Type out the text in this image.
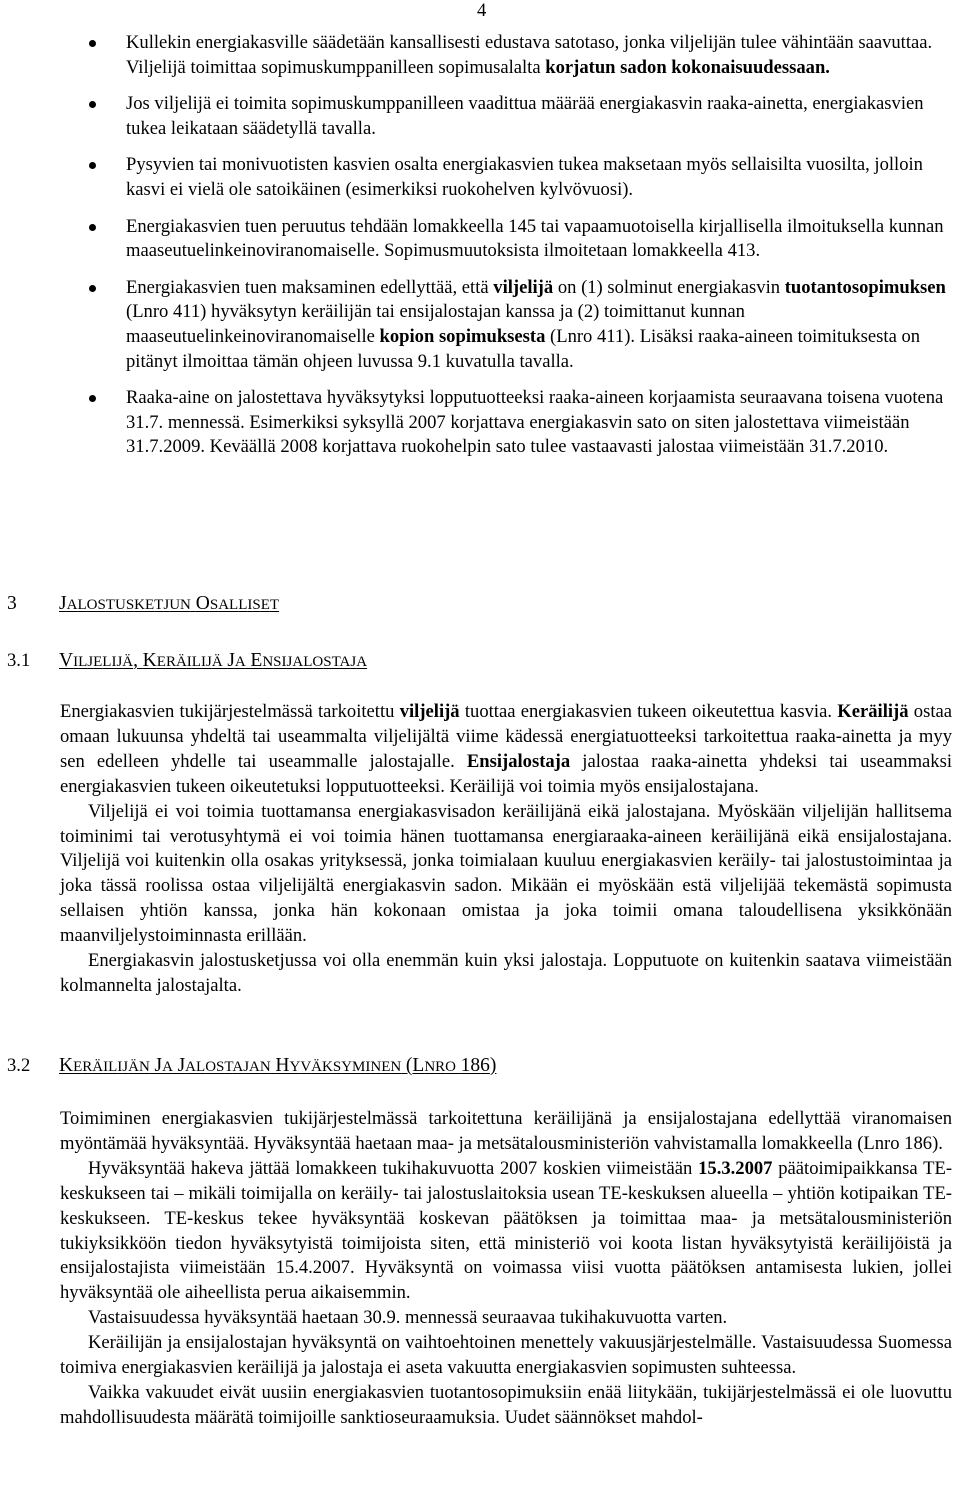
4
Kullekin energiakasville säädetään kansallisesti edustava satotaso, jonka viljelijän tulee vähintään saavuttaa. Viljelijä toimittaa sopimuskumppanilleen sopimusalalta korjatun sadon kokonaisuudessaan.
Jos viljelijä ei toimita sopimuskumppanilleen vaadittua määrää energiakasvin raaka-ainetta, energiakasvien tukea leikataan säädetyllä tavalla.
Pysyvien tai monivuotisten kasvien osalta energiakasvien tukea maksetaan myös sellaisilta vuosilta, jolloin kasvi ei vielä ole satoikäinen (esimerkiksi ruokohelven kylvövuosi).
Energiakasvien tuen peruutus tehdään lomakkeella 145 tai vapaamuotoisella kirjallisella ilmoituksella kunnan maaseutuelinkeinoviranomaiselle. Sopimusmuutoksista ilmoitetaan lomakkeella 413.
Energiakasvien tuen maksaminen edellyttää, että viljelijä on (1) solminut energiakasvin tuotantosopimuksen (Lnro 411) hyväksytyn keräilijän tai ensijalostajan kanssa ja (2) toimittanut kunnan maaseutuelinkeinoviranomaiselle kopion sopimuksesta (Lnro 411). Lisäksi raaka-aineen toimituksesta on pitänyt ilmoittaa tämän ohjeen luvussa 9.1 kuvatulla tavalla.
Raaka-aine on jalostettava hyväksytyksi lopputuotteeksi raaka-aineen korjaamista seuraavana toisena vuotena 31.7. mennessä. Esimerkiksi syksyllä 2007 korjattava energiakasvin sato on siten jalostettava viimeistään 31.7.2009. Keväällä 2008 korjattava ruokohelpin sato tulee vastaavasti jalostaa viimeistään 31.7.2010.
3 JALOSTUSKETJUN OSALLISET
3.1 VILJELIJÄ, KERÄILIJÄ JA ENSIJALOSTAJA

Energiakasvien tukijärjestelmässä tarkoitettu viljelijä tuottaa energiakasvien tukeen oikeutettua kasvia. Keräilijä ostaa omaan lukuunsa yhdeltä tai useammalta viljelijältä viime kädessä energiatuotteeksi tarkoitettua raaka-ainetta ja myy sen edelleen yhdelle tai useammalle jalostajalle. Ensijalostaja jalostaa raaka-ainetta yhdeksi tai useammaksi energiakasvien tukeen oikeutetuksi lopputuotteeksi. Keräilijä voi toimia myös ensijalostajana.

Viljelijä ei voi toimia tuottamansa energiakasvisadon keräilijänä eikä jalostajana. Myöskään viljelijän hallitsema toiminimi tai verotusyhtymä ei voi toimia hänen tuottamansa energiaraaka-aineen keräilijänä eikä ensijalostajana. Viljelijä voi kuitenkin olla osakas yrityksessä, jonka toimialaan kuuluu energiakasvien keräily- tai jalostustoimintaa ja joka tässä roolissa ostaa viljelijältä energiakasvin sadon. Mikään ei myöskään estä viljelijää tekemästä sopimusta sellaisen yhtiön kanssa, jonka hän kokonaan omistaa ja joka toimii omana taloudellisena yksikkönään maanviljelystoiminnasta erillään.

Energiakasvin jalostusketjussa voi olla enemmän kuin yksi jalostaja. Lopputuote on kuitenkin saatava viimeistään kolmannelta jalostajalta.

3.2 KERÄILIJÄN JA JALOSTAJAN HYVÄKSYMINEN (LNRO 186)

Toimiminen energiakasvien tukijärjestelmässä tarkoitettuna keräilijänä ja ensijalostajana edellyttää viranomaisen myöntämää hyväksyntää. Hyväksyntää haetaan maa- ja metsätalousministeriön vahvistamalla lomakkeella (Lnro 186).

Hyväksyntää hakeva jättää lomakkeen tukihakuvuotta 2007 koskien viimeistään 15.3.2007 päätoimipaikkansa TE-keskukseen tai – mikäli toimijalla on keräily- tai jalostuslaitoksia usean TE-keskuksen alueella – yhtiön kotipaikan TE-keskukseen. TE-keskus tekee hyväksyntää koskevan päätöksen ja toimittaa maa- ja metsätalousministeriön tukiyksikköön tiedon hyväksytyistä toimijoista siten, että ministeriö voi koota listan hyväksytyistä keräilijöistä ja ensijalostajista viimeistään 15.4.2007. Hyväksyntä on voimassa viisi vuotta päätöksen antamisesta lukien, jollei hyväksyntää ole aiheellista perua aikaisemmin.

Vastaisuudessa hyväksyntää haetaan 30.9. mennessä seuraavaa tukihakuvuotta varten.

Keräilijän ja ensijalostajan hyväksyntä on vaihtoehtoinen menettely vakuusjärjestelmälle. Vastaisuudessa Suomessa toimiva energiakasvien keräilijä ja jalostaja ei aseta vakuutta energiakasvien sopimusten suhteessa.

Vaikka vakuudet eivät uusiin energiakasvien tuotantosopimuksiin enää liitykään, tukijärjestelmässä ei ole luovuttu mahdollisuudesta määrätä toimijoille sanktioseuraamuksia. Uudet säännökset mahdol-
